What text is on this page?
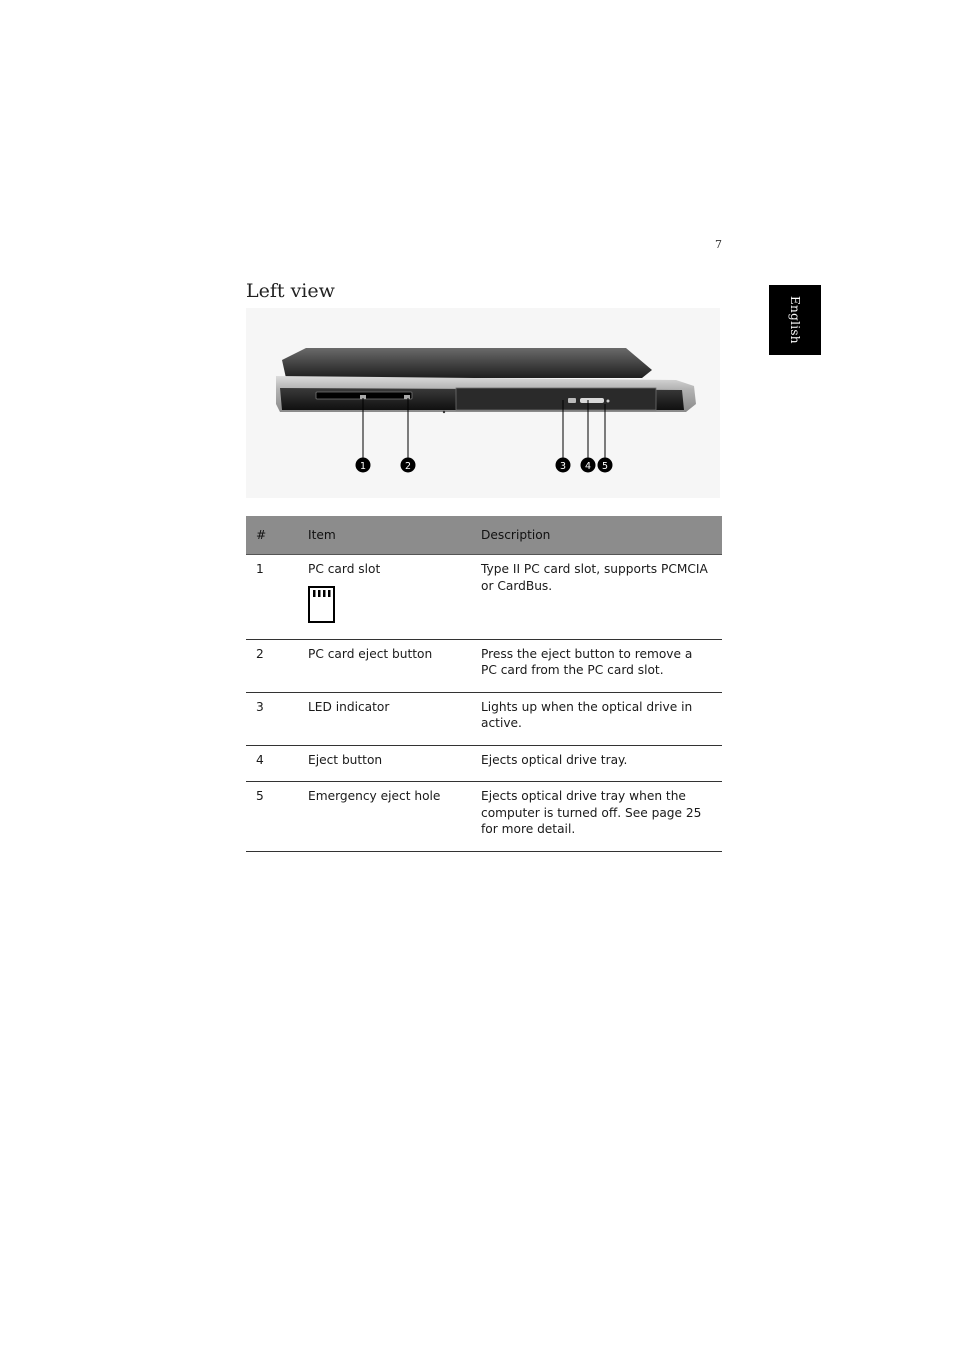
7
English
Left view
1	2	3 4 5
#	Item	Description
1	PC card slot	Type II PC card slot, supports PCMCIA or CardBus.
2	PC card eject button	Press the eject button to remove a PC card from the PC card slot.
3	LED indicator	Lights up when the optical drive in active.
4	Eject button	Ejects optical drive tray.
5	Emergency eject hole	Ejects optical drive tray when the computer is turned off. See page 25 for more detail.
